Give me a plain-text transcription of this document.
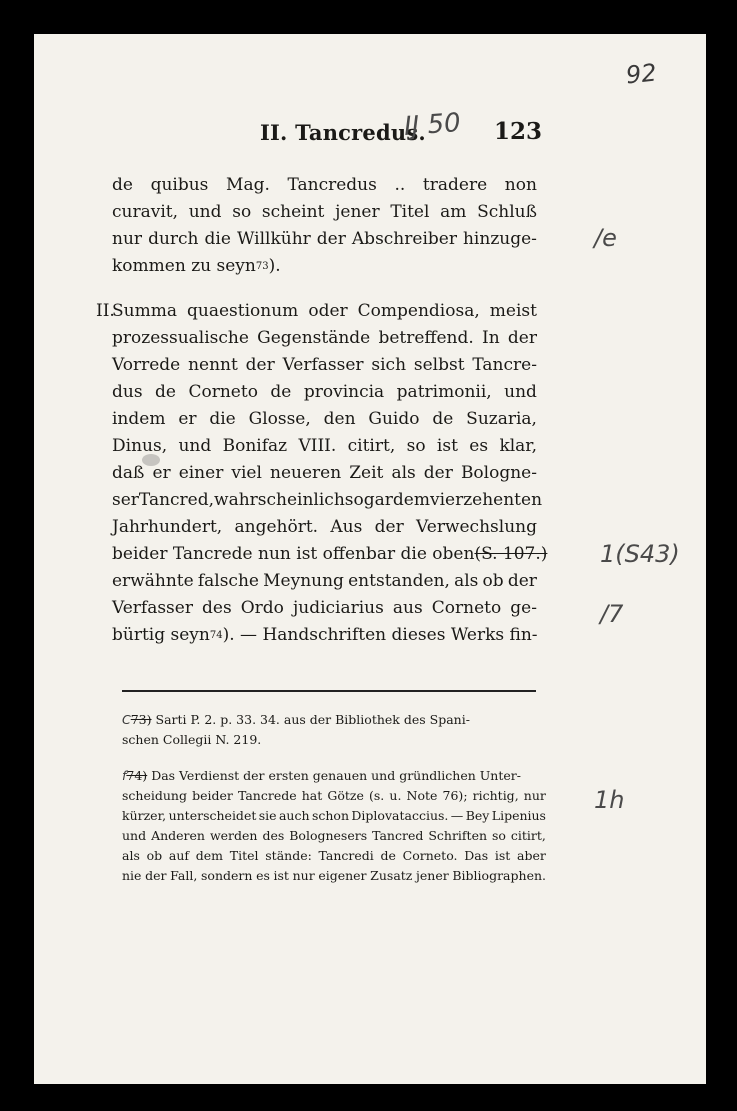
92
II. Tancredus.
Ĳ 50 123
de quibus Mag. Tancredus .. tradere non
curavit, und so scheint jener Titel am Schluß
nur durch die Willkühr der Abschreiber hinzuge-
kommen zu seyn 73 ).
II.
Summa quaestionum oder Compendiosa, meist
prozessualische Gegenstände betreffend. In der
Vorrede nennt der Verfasser sich selbst Tancre-
dus de Corneto de provincia patrimonii, und
indem er die Glosse, den Guido de Suzaria,
Dinus, und Bonifaz VIII. citirt, so ist es klar,
daß er einer viel neueren Zeit als der Bologne-
ser Tancred, wahrscheinlich sogar dem vierzehenten
Jahrhundert, angehört. Aus der Verwechslung
beider Tancrede nun ist offenbar die oben (S. 107.)
erwähnte falsche Meynung entstanden, als ob der
Verfasser des Ordo judiciarius aus Corneto ge-
bürtig seyn 74 ). — Handschriften dieses Werks fin-
C73) Sarti P. 2. p. 33. 34. aus der Bibliothek des Spani-
schen Collegii N. 219.
f74) Das Verdienst der ersten genauen und gründlichen Unter-
scheidung beider Tancrede hat Götze (s. u. Note 76); richtig, nur
kürzer, unterscheidet sie auch schon Diplovataccius. — Bey Lipenius
und Anderen werden des Bolognesers Tancred Schriften so citirt,
als ob auf dem Titel stände: Tancredi de Corneto. Das ist aber
nie der Fall, sondern es ist nur eigener Zusatz jener Bibliographen.
/e
1(S43)
/7
1h
